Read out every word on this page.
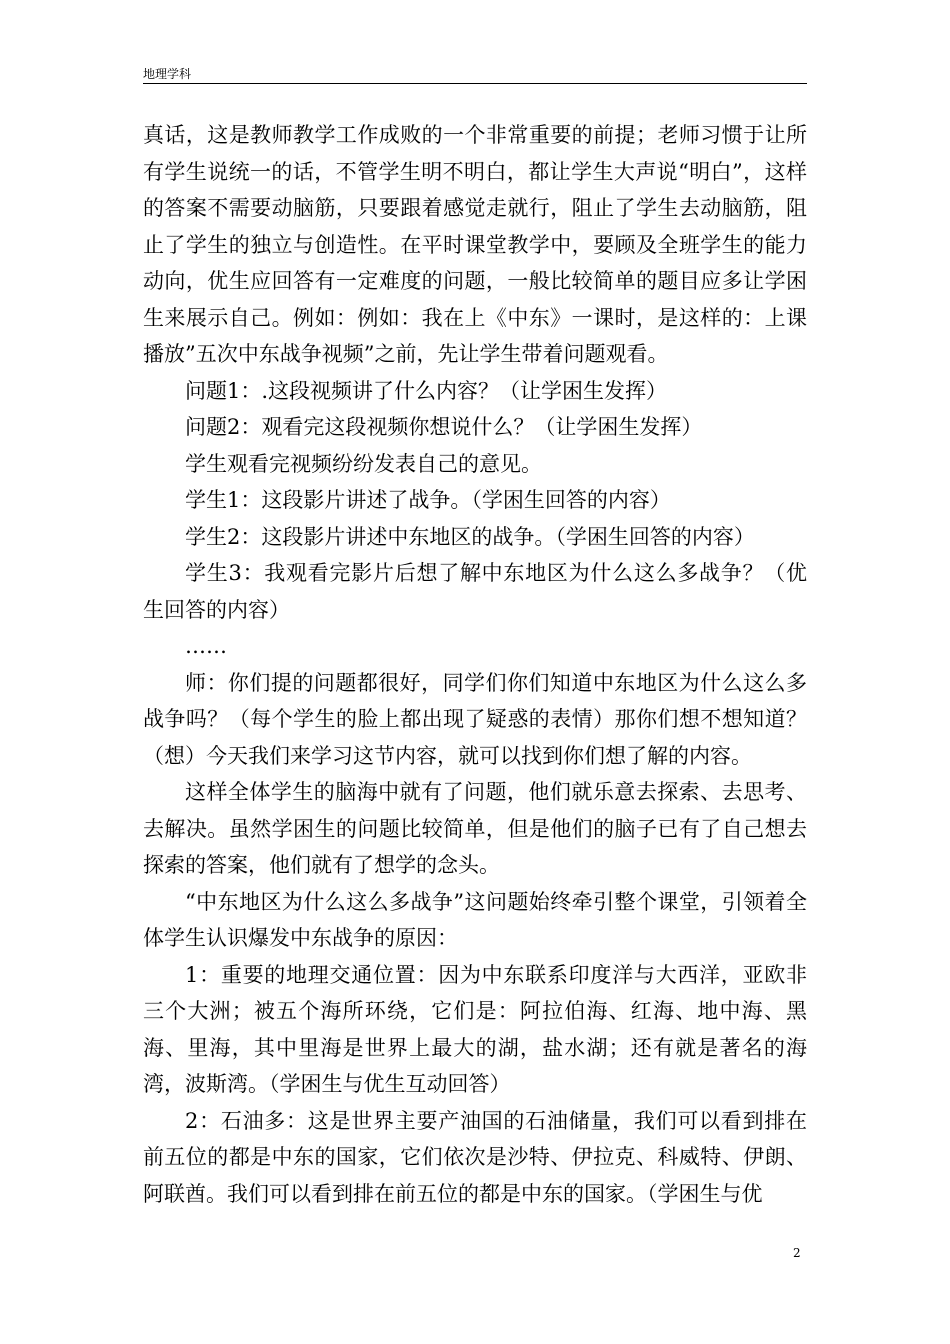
地理学科

真话，这是教师教学工作成败的一个非常重要的前提；老师习惯于让所有学生说统一的话，不管学生明不明白，都让学生大声说“明白”，这样的答案不需要动脑筋，只要跟着感觉走就行，阻止了学生去动脑筋，阻止了学生的独立与创造性。在平时课堂教学中，要顾及全班学生的能力动向，优生应回答有一定难度的问题，一般比较简单的题目应多让学困生来展示自己。例如：例如：我在上《中东》一课时，是这样的：上课播放”五次中东战争视频”之前，先让学生带着问题观看。

问题1：.这段视频讲了什么内容？（让学困生发挥）

问题2：观看完这段视频你想说什么？（让学困生发挥）

学生观看完视频纷纷发表自己的意见。

学生1：这段影片讲述了战争。（学困生回答的内容）

学生2：这段影片讲述中东地区的战争。（学困生回答的内容）

学生3：我观看完影片后想了解中东地区为什么这么多战争？（优生回答的内容）

……

师：你们提的问题都很好，同学们你们知道中东地区为什么这么多战争吗？（每个学生的脸上都出现了疑惑的表情）那你们想不想知道？（想）今天我们来学习这节内容，就可以找到你们想了解的内容。

这样全体学生的脑海中就有了问题，他们就乐意去探索、去思考、去解决。虽然学困生的问题比较简单，但是他们的脑子已有了自己想去探索的答案，他们就有了想学的念头。

“中东地区为什么这么多战争”这问题始终牵引整个课堂，引领着全体学生认识爆发中东战争的原因：

1：重要的地理交通位置：因为中东联系印度洋与大西洋，亚欧非三个大洲；被五个海所环绕，它们是：阿拉伯海、红海、地中海、黑海、里海，其中里海是世界上最大的湖，盐水湖；还有就是著名的海湾，波斯湾。（学困生与优生互动回答）

2：石油多：这是世界主要产油国的石油储量，我们可以看到排在前五位的都是中东的国家，它们依次是沙特、伊拉克、科威特、伊朗、阿联酋。我们可以看到排在前五位的都是中东的国家。（学困生与优

2
